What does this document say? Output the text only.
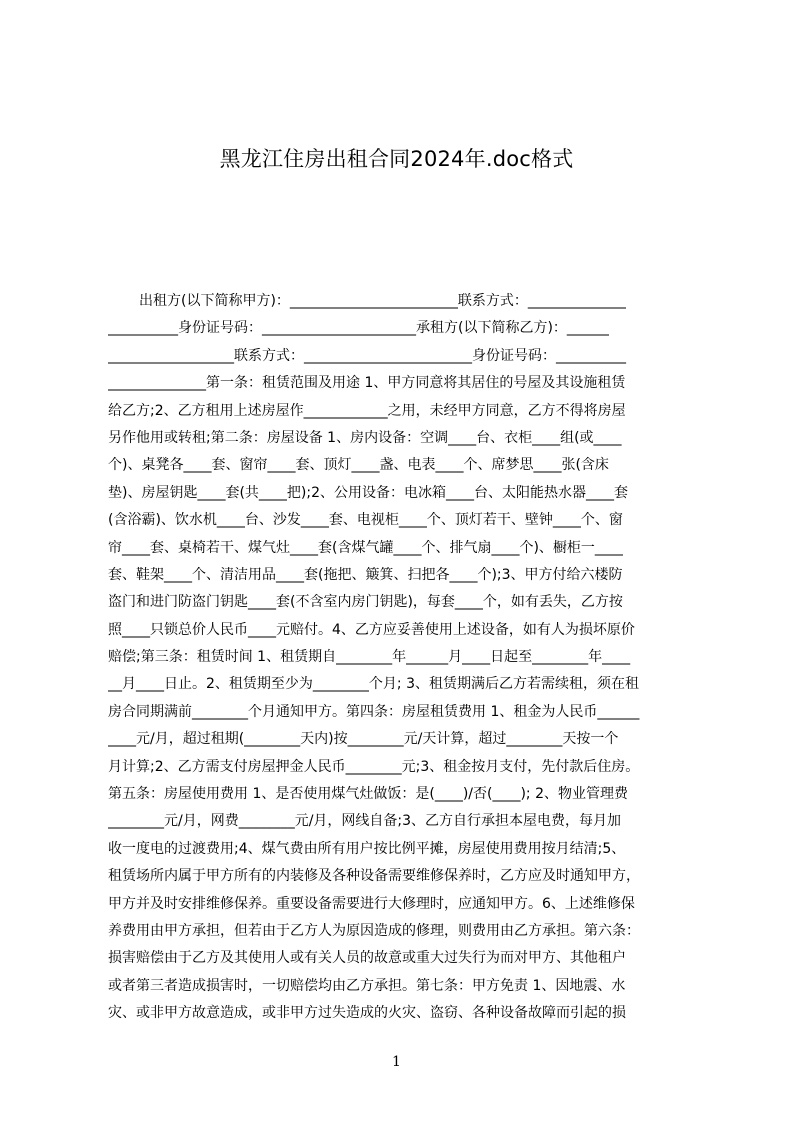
黑龙江住房出租合同2024年.doc格式
出租方(以下简称甲方)：________________________联系方式：______________
__________身份证号码：______________________承租方(以下简称乙方)：______
__________________联系方式：________________________身份证号码：__________
______________第一条：租赁范围及用途 1、甲方同意将其居住的号屋及其设施租赁
给乙方;2、乙方租用上述房屋作____________之用，未经甲方同意，乙方不得将房屋
另作他用或转租;第二条：房屋设备 1、房内设备：空调____台、衣柜____组(或____
个)、桌凳各____套、窗帘____套、顶灯____盏、电表____个、席梦思____张(含床
垫)、房屋钥匙____套(共____把);2、公用设备：电冰箱____台、太阳能热水器____套
(含浴霸)、饮水机____台、沙发____套、电视柜____个、顶灯若干、壁钟____个、窗
帘____套、桌椅若干、煤气灶____套(含煤气罐____个、排气扇____个)、橱柜一____
套、鞋架____个、清洁用品____套(拖把、簸箕、扫把各____个);3、甲方付给六楼防
盗门和进门防盗门钥匙____套(不含室内房门钥匙)，每套____个，如有丢失，乙方按
照____只锁总价人民币____元赔付。4、乙方应妥善使用上述设备，如有人为损坏原价
赔偿;第三条：租赁时间 1、租赁期自________年______月____日起至________年____
__月____日止。2、租赁期至少为________个月; 3、租赁期满后乙方若需续租，须在租
房合同期满前________个月通知甲方。第四条：房屋租赁费用 1、租金为人民币______
____元/月，超过租期(________天内)按________元/天计算，超过________天按一个
月计算;2、乙方需支付房屋押金人民币________元;3、租金按月支付，先付款后住房。
第五条：房屋使用费用 1、是否使用煤气灶做饭：是(____)/否(____); 2、物业管理费
________元/月，网费________元/月，网线自备;3、乙方自行承担本屋电费，每月加
收一度电的过渡费用;4、煤气费由所有用户按比例平摊，房屋使用费用按月结清;5、
租赁场所内属于甲方所有的内装修及各种设备需要维修保养时，乙方应及时通知甲方，
甲方并及时安排维修保养。重要设备需要进行大修理时，应通知甲方。6、上述维修保
养费用由甲方承担，但若由于乙方人为原因造成的修理，则费用由乙方承担。第六条：
损害赔偿由于乙方及其使用人或有关人员的故意或重大过失行为而对甲方、其他租户
或者第三者造成损害时，一切赔偿均由乙方承担。第七条：甲方免责 1、因地震、水
灾、或非甲方故意造成，或非甲方过失造成的火灾、盗窃、各种设备故障而引起的损
1
